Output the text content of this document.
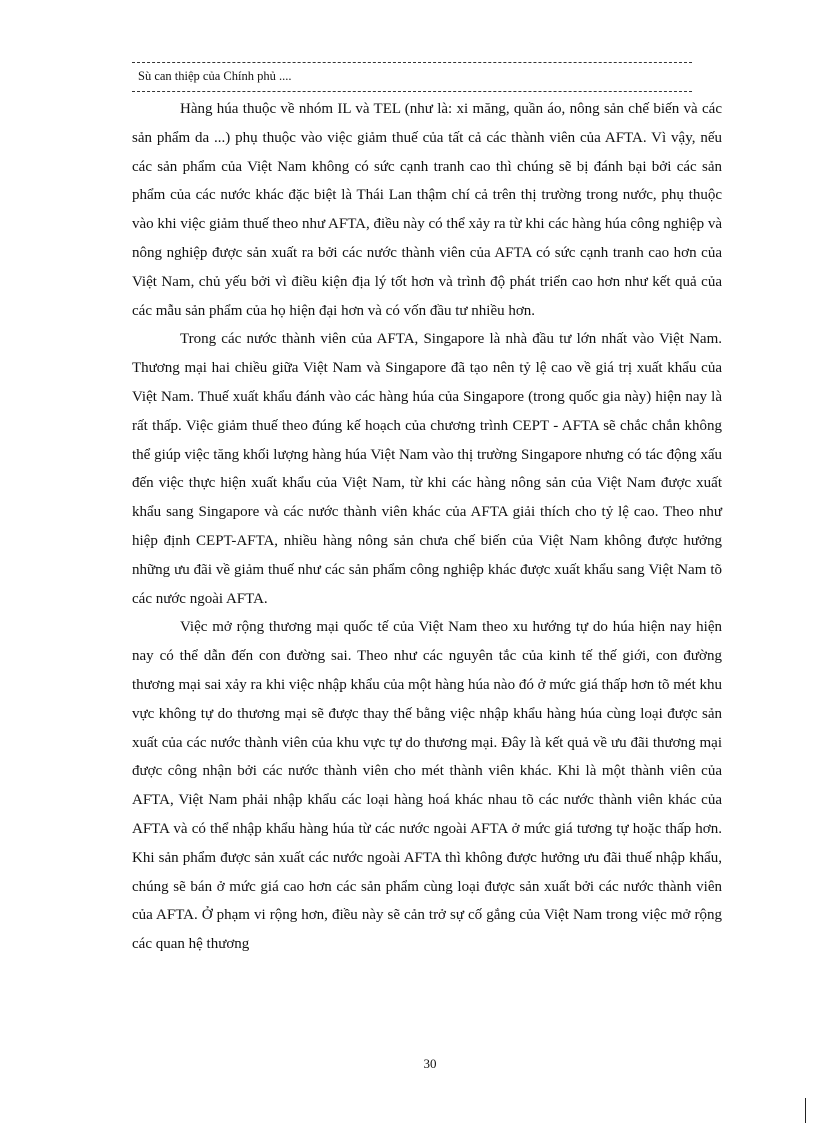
Sù can thiệp của Chính phủ ....

Hàng húa thuộc về nhóm IL và TEL (như là: xi măng, quần áo, nông sản chế biến và các sản phẩm da ...) phụ thuộc vào việc giảm thuế của tất cả các thành viên của AFTA. Vì vậy, nếu các sản phẩm của Việt Nam không có sức cạnh tranh cao thì chúng sẽ bị đánh bại bởi các sản phẩm của các nước khác đặc biệt là Thái Lan thậm chí cả trên thị trường trong nước, phụ thuộc vào khi việc giảm thuế theo như AFTA, điều này có thể xảy ra từ khi các hàng húa công nghiệp và nông nghiệp được sản xuất ra bởi các nước thành viên của AFTA có sức cạnh tranh cao hơn của Việt Nam, chủ yếu bởi vì điều kiện địa lý tốt hơn và trình độ phát triển cao hơn như kết quả của các mẫu sản phẩm của họ hiện đại hơn và có vốn đầu tư nhiều hơn.

Trong các nước thành viên của AFTA, Singapore là nhà đầu tư lớn nhất vào Việt Nam. Thương mại hai chiều giữa Việt Nam và Singapore đã tạo nên tỷ lệ cao về giá trị xuất khẩu của Việt Nam. Thuế xuất khẩu đánh vào các hàng húa của Singapore (trong quốc gia này) hiện nay là rất thấp. Việc giảm thuế theo đúng kế hoạch của chương trình CEPT - AFTA sẽ chắc chắn không thể giúp việc tăng khối lượng hàng húa Việt Nam vào thị trường Singapore nhưng có tác động xấu đến việc thực hiện xuất khẩu của Việt Nam, từ khi các hàng nông sản của Việt Nam được xuất khẩu sang Singapore và các nước thành viên khác của AFTA giải thích cho tỷ lệ cao. Theo như hiệp định CEPT-AFTA, nhiều hàng nông sản chưa chế biến của Việt Nam không được hưởng những ưu đãi về giảm thuế như các sản phẩm công nghiệp khác được xuất khẩu sang Việt Nam tõ các nước ngoài AFTA.

Việc mở rộng thương mại quốc tế của Việt Nam theo xu hướng tự do húa hiện nay hiện nay có thể dẫn đến con đường sai. Theo như các nguyên tắc của kinh tế thế giới, con đường thương mại sai xảy ra khi việc nhập khẩu của một hàng húa nào đó ở mức giá thấp hơn tõ mét khu vực không tự do thương mại sẽ được thay thế bằng việc nhập khẩu hàng húa cùng loại được sản xuất của các nước thành viên của khu vực tự do thương mại. Đây là kết quả về ưu đãi thương mại được công nhận bởi các nước thành viên cho mét thành viên khác. Khi là một thành viên của AFTA, Việt Nam phải nhập khẩu các loại hàng hoá khác nhau tõ các nước thành viên khác của AFTA và có thể nhập khẩu hàng húa từ các nước ngoài AFTA ở mức giá tương tự hoặc thấp hơn. Khi sản phẩm được sản xuất các nước ngoài AFTA thì không được hưởng ưu đãi thuế nhập khẩu, chúng sẽ bán ở mức giá cao hơn các sản phẩm cùng loại được sản xuất bởi các nước thành viên của AFTA. Ở phạm vi rộng hơn, điều này sẽ cản trở sự cố gắng của Việt Nam trong việc mở rộng các quan hệ thương

30
